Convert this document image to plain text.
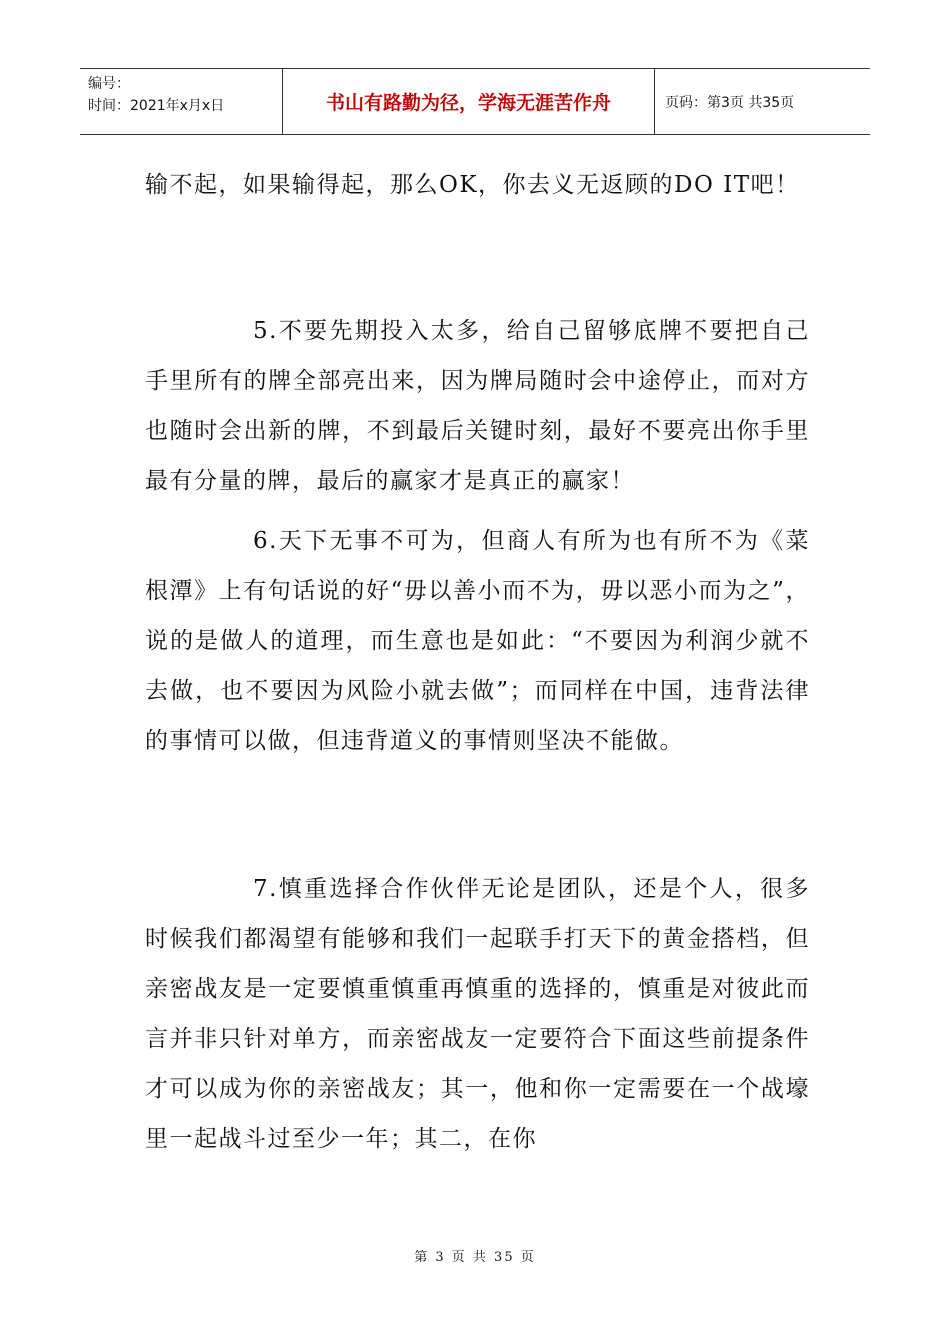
编号：
时间：2021年x月x日	书山有路勤为径，学海无涯苦作舟	页码：第3页 共35页

输不起，如果输得起，那么OK，你去义无返顾的DO IT吧！

5.不要先期投入太多，给自己留够底牌不要把自己手里所有的牌全部亮出来，因为牌局随时会中途停止，而对方也随时会出新的牌，不到最后关键时刻，最好不要亮出你手里最有分量的牌，最后的赢家才是真正的赢家！

6.天下无事不可为，但商人有所为也有所不为《菜根潭》上有句话说的好“毋以善小而不为，毋以恶小而为之”，说的是做人的道理，而生意也是如此：“不要因为利润少就不去做，也不要因为风险小就去做”；而同样在中国，违背法律的事情可以做，但违背道义的事情则坚决不能做。

7.慎重选择合作伙伴无论是团队，还是个人，很多时候我们都渴望有能够和我们一起联手打天下的黄金搭档，但亲密战友是一定要慎重慎重再慎重的选择的，慎重是对彼此而言并非只针对单方，而亲密战友一定要符合下面这些前提条件才可以成为你的亲密战友；其一，他和你一定需要在一个战壕里一起战斗过至少一年；其二，在你

第 3 页 共 35 页
